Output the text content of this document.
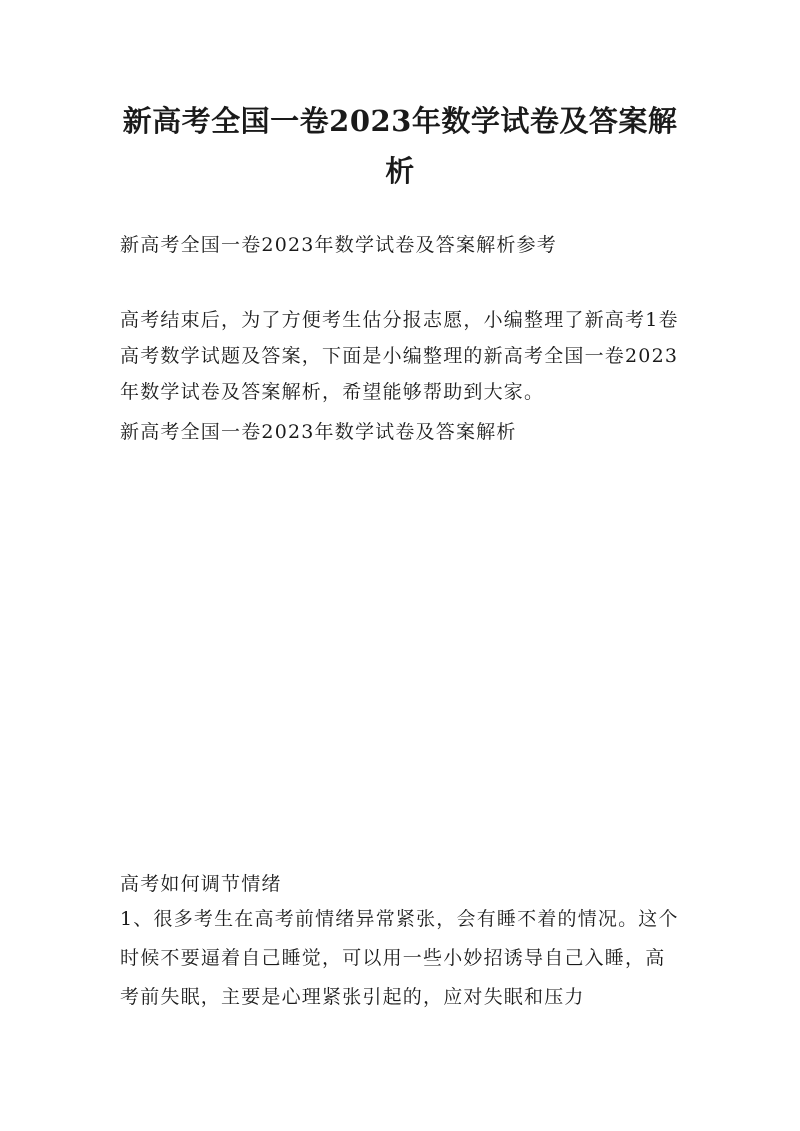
新高考全国一卷2023年数学试卷及答案解析

新高考全国一卷2023年数学试卷及答案解析参考

高考结束后，为了方便考生估分报志愿，小编整理了新高考1卷高考数学试题及答案，下面是小编整理的新高考全国一卷2023年数学试卷及答案解析，希望能够帮助到大家。

新高考全国一卷2023年数学试卷及答案解析

高考如何调节情绪

1、很多考生在高考前情绪异常紧张，会有睡不着的情况。这个时候不要逼着自己睡觉，可以用一些小妙招诱导自己入睡，高考前失眠，主要是心理紧张引起的，应对失眠和压力
